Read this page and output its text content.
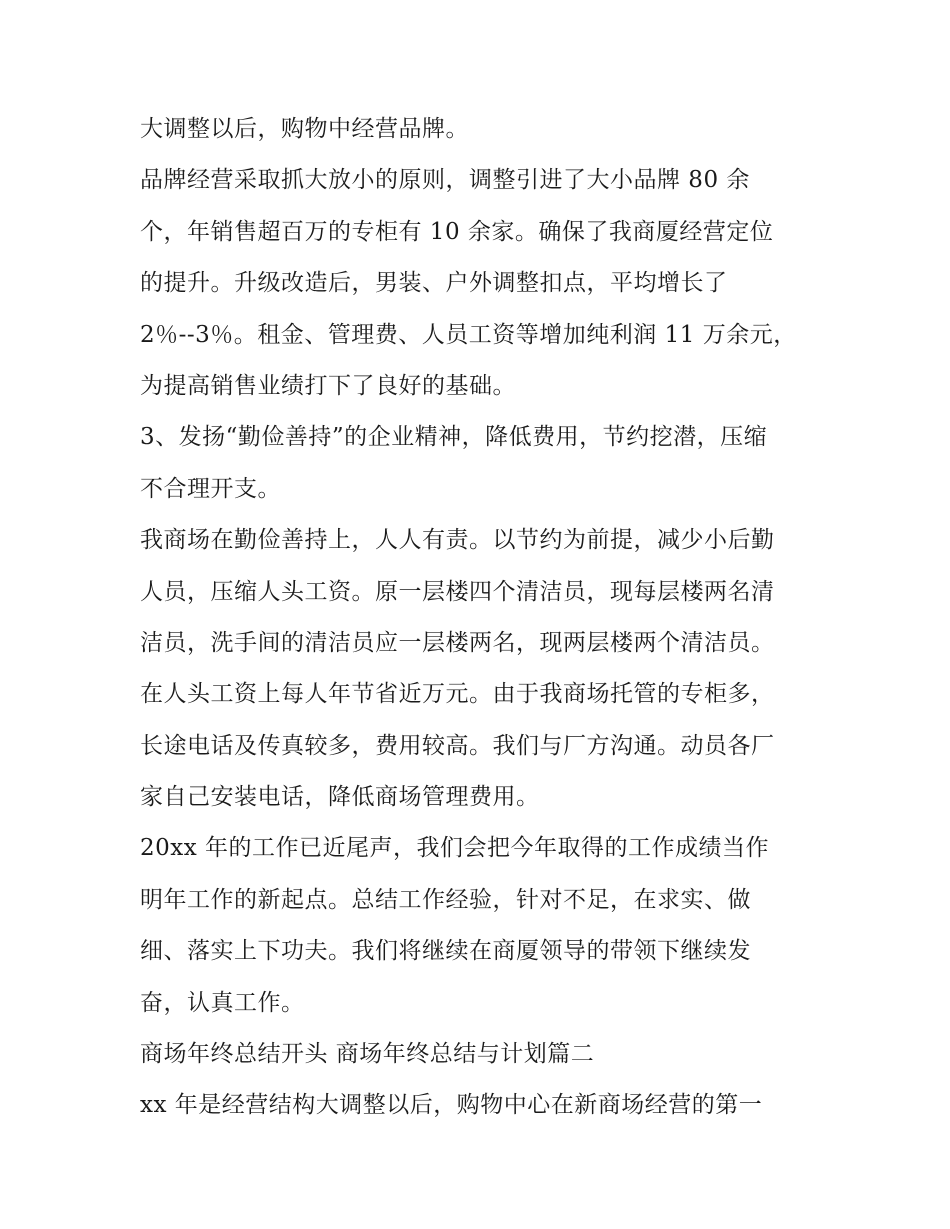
大调整以后，购物中经营品牌。
品牌经营采取抓大放小的原则，调整引进了大小品牌 80 余
个，年销售超百万的专柜有 10 余家。确保了我商厦经营定位
的提升。升级改造后，男装、户外调整扣点，平均增长了
2％--3％。租金、管理费、人员工资等增加纯利润 11 万余元，
为提高销售业绩打下了良好的基础。
3、发扬“勤俭善持”的企业精神，降低费用，节约挖潜，压缩
不合理开支。
我商场在勤俭善持上，人人有责。以节约为前提，减少小后勤
人员，压缩人头工资。原一层楼四个清洁员，现每层楼两名清
洁员，洗手间的清洁员应一层楼两名，现两层楼两个清洁员。
在人头工资上每人年节省近万元。由于我商场托管的专柜多，
长途电话及传真较多，费用较高。我们与厂方沟通。动员各厂
家自己安装电话，降低商场管理费用。
20xx 年的工作已近尾声，我们会把今年取得的工作成绩当作
明年工作的新起点。总结工作经验，针对不足，在求实、做
细、落实上下功夫。我们将继续在商厦领导的带领下继续发
奋，认真工作。
商场年终总结开头 商场年终总结与计划篇二
xx 年是经营结构大调整以后，购物中心在新商场经营的第一
